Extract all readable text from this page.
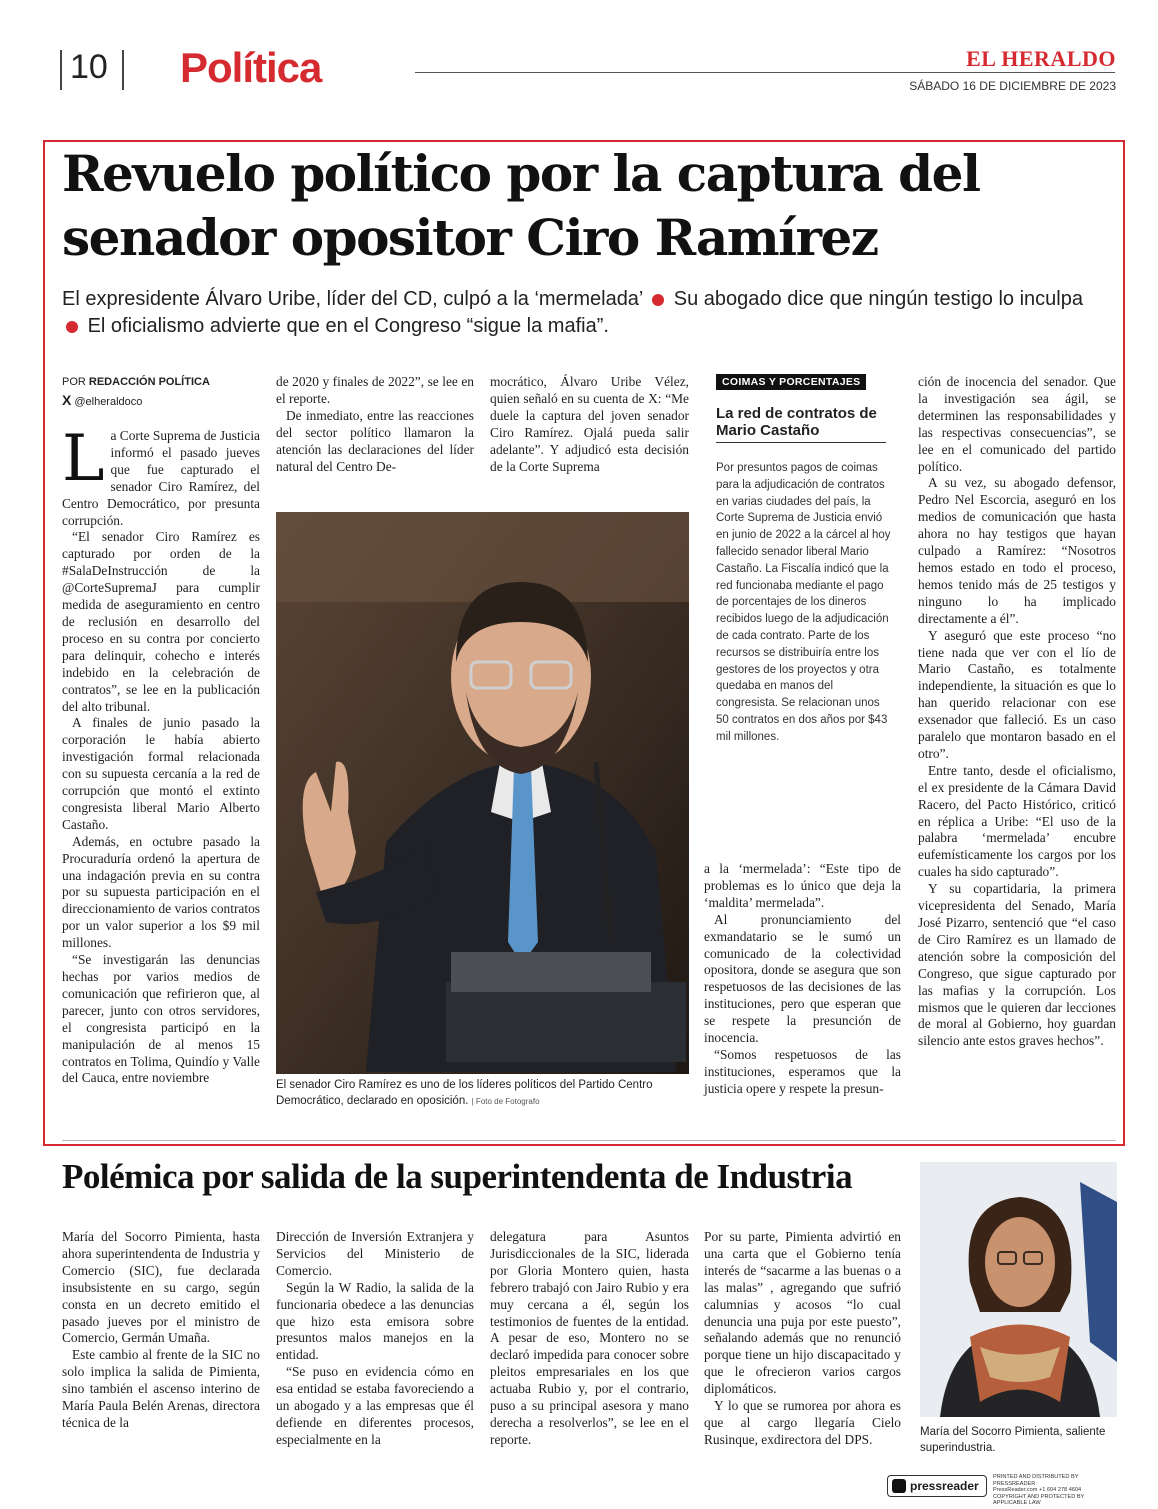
10 Política	EL HERALDO
SÁBADO 16 DE DICIEMBRE DE 2023
Revuelo político por la captura del senador opositor Ciro Ramírez
El expresidente Álvaro Uribe, líder del CD, culpó a la ‘mermelada’ Su abogado dice que ningún testigo lo inculpa  El oficialismo advierte que en el Congreso “sigue la mafia”.
POR REDACCIÓN POLÍTICA
X @elheraldoco

La Corte Suprema de Justicia informó el pasado jueves que fue capturado el senador Ciro Ramírez, del Centro Democrático, por presunta corrupción.

“El senador Ciro Ramírez es capturado por orden de la #SalaDeInstrucción de la @CorteSupremaJ para cumplir medida de aseguramiento en centro de reclusión en desarrollo del proceso en su contra por concierto para delinquir, cohecho e interés indebido en la celebración de contratos”, se lee en la publicación del alto tribunal.

A finales de junio pasado la corporación le había abierto investigación formal relacionada con su supuesta cercanía a la red de corrupción que montó el extinto congresista liberal Mario Alberto Castaño.

Además, en octubre pasado la Procuraduría ordenó la apertura de una indagación previa en su contra por su supuesta participación en el direccionamiento de varios contratos por un valor superior a los $9 mil millones.

“Se investigarán las denuncias hechas por varios medios de comunicación que refirieron que, al parecer, junto con otros servidores, el congresista participó en la manipulación de al menos 15 contratos en Tolima, Quindío y Valle del Cauca, entre noviembre

de 2020 y finales de 2022”, se lee en el reporte.

De inmediato, entre las reacciones del sector político llamaron la atención las declaraciones del líder natural del Centro De-

mocrático, Álvaro Uribe Vélez, quien señaló en su cuenta de X: “Me duele la captura del joven senador Ciro Ramírez. Ojalá pueda salir adelante”. Y adjudicó esta decisión de la Corte Suprema

El senador Ciro Ramírez es uno de los líderes políticos del Partido Centro Democrático, declarado en oposición. | Foto de Fotografo
COIMAS Y PORCENTAJES
La red de contratos de Mario Castaño
Por presuntos pagos de coimas para la adjudicación de contratos en varias ciudades del país, la Corte Suprema de Justicia envió en junio de 2022 a la cárcel al hoy fallecido senador liberal Mario Castaño. La Fiscalía indicó que la red funcionaba mediante el pago de porcentajes de los dineros recibidos luego de la adjudicación de cada contrato. Parte de los recursos se distribuiría entre los gestores de los proyectos y otra quedaba en manos del congresista. Se relacionan unos 50 contratos en dos años por $43 mil millones.

a la ‘mermelada’: “Este tipo de problemas es lo único que deja la ‘maldita’ mermelada”.

Al pronunciamiento del exmandatario se le sumó un comunicado de la colectividad opositora, donde se asegura que son respetuosos de las decisiones de las instituciones, pero que esperan que se respete la presunción de inocencia.

“Somos respetuosos de las instituciones, esperamos que la justicia opere y respete la presun-

ción de inocencia del senador. Que la investigación sea ágil, se determinen las responsabilidades y las respectivas consecuencias”, se lee en el comunicado del partido político.

A su vez, su abogado defensor, Pedro Nel Escorcia, aseguró en los medios de comunicación que hasta ahora no hay testigos que hayan culpado a Ramírez: “Nosotros hemos estado en todo el proceso, hemos tenido más de 25 testigos y ninguno lo ha implicado directamente a él”.

Y aseguró que este proceso “no tiene nada que ver con el lío de Mario Castaño, es totalmente independiente, la situación es que lo han querido relacionar con ese exsenador que falleció. Es un caso paralelo que montaron basado en el otro”.

Entre tanto, desde el oficialismo, el ex presidente de la Cámara David Racero, del Pacto Histórico, criticó en réplica a Uribe: “El uso de la palabra ‘mermelada’ encubre eufemísticamente los cargos por los cuales ha sido capturado”.

Y su copartidaria, la primera vicepresidenta del Senado, María José Pizarro, sentenció que “el caso de Ciro Ramírez es un llamado de atención sobre la composición del Congreso, que sigue capturado por las mafias y la corrupción. Los mismos que le quieren dar lecciones de moral al Gobierno, hoy guardan silencio ante estos graves hechos”.

Polémica por salida de la superintendenta de Industria

María del Socorro Pimienta, hasta ahora superintendenta de Industria y Comercio (SIC), fue declarada insubsistente en su cargo, según consta en un decreto emitido el pasado jueves por el ministro de Comercio, Germán Umaña.

Este cambio al frente de la SIC no solo implica la salida de Pimienta, sino también el ascenso interino de María Paula Belén Arenas, directora técnica de la

Dirección de Inversión Extranjera y Servicios del Ministerio de Comercio.

Según la W Radio, la salida de la funcionaria obedece a las denuncias que hizo esta emisora sobre presuntos malos manejos en la entidad.

“Se puso en evidencia cómo en esa entidad se estaba favoreciendo a un abogado y a las empresas que él defiende en diferentes procesos, especialmente en la

delegatura para Asuntos Jurisdiccionales de la SIC, liderada por Gloria Montero quien, hasta febrero trabajó con Jairo Rubio y era muy cercana a él, según los testimonios de fuentes de la entidad. A pesar de eso, Montero no se declaró impedida para conocer sobre pleitos empresariales en los que actuaba Rubio y, por el contrario, puso a su principal asesora y mano derecha a resolverlos”, se lee en el reporte.

Por su parte, Pimienta advirtió en una carta que el Gobierno tenía interés de “sacarme a las buenas o a las malas” , agregando que sufrió calumnias y acosos “lo cual denuncia una puja por este puesto”, señalando además que no renunció porque tiene un hijo discapacitado y que le ofrecieron varios cargos diplomáticos.

Y lo que se rumorea por ahora es que al cargo llegaría Cielo Rusinque, exdirectora del DPS.	María del Socorro Pimienta, saliente superindustria.
pressreader
PRINTED AND DISTRIBUTED BY PRESSREADER
PressReader.com +1 604 278 4604
COPYRIGHT AND PROTECTED BY APPLICABLE LAW
